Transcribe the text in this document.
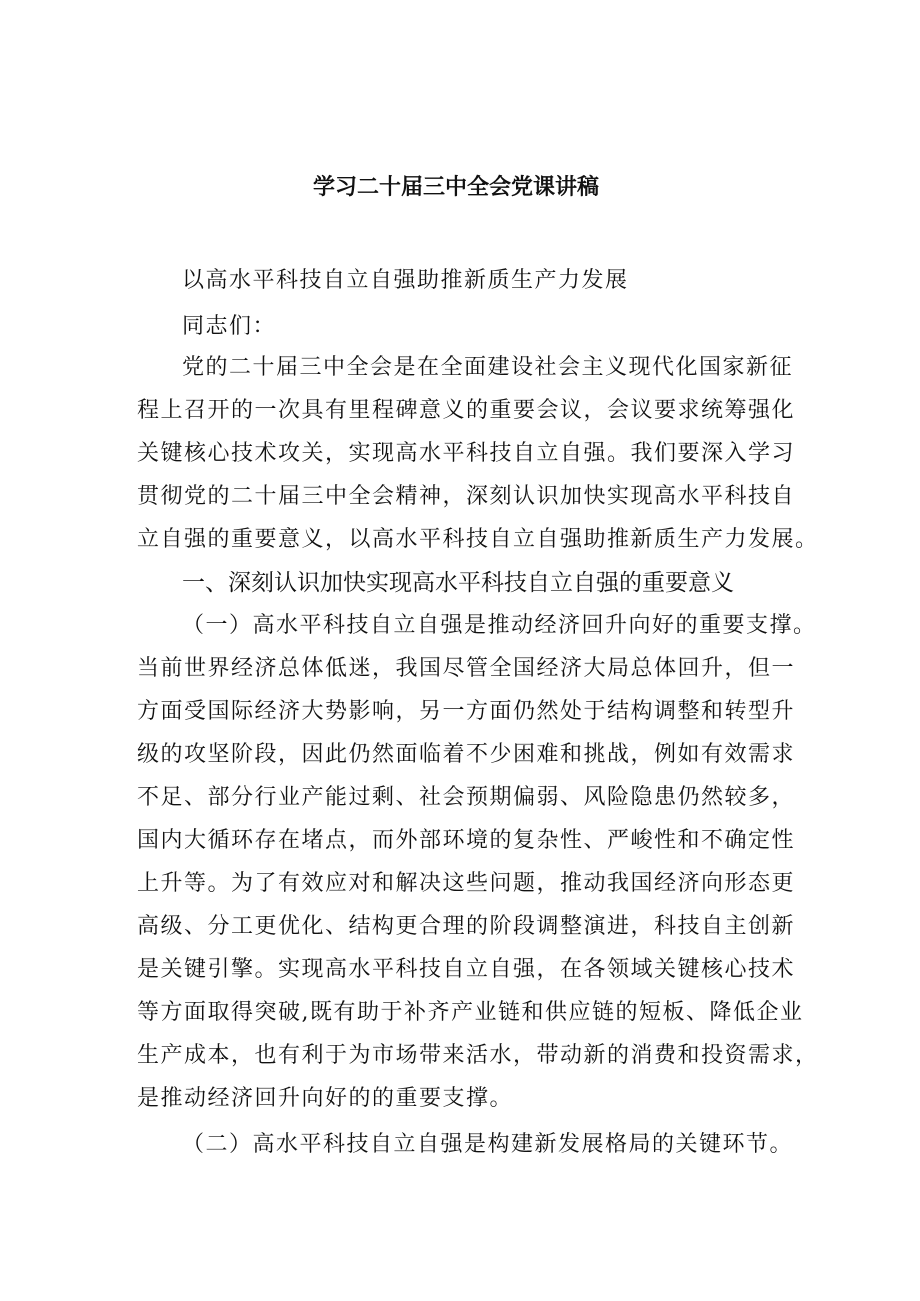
学习二十届三中全会党课讲稿
以高水平科技自立自强助推新质生产力发展
同志们：
党的二十届三中全会是在全面建设社会主义现代化国家新征
程上召开的一次具有里程碑意义的重要会议，会议要求统筹强化
关键核心技术攻关，实现高水平科技自立自强。我们要深入学习
贯彻党的二十届三中全会精神，深刻认识加快实现高水平科技自
立自强的重要意义，以高水平科技自立自强助推新质生产力发展。
一、深刻认识加快实现高水平科技自立自强的重要意义
（一）高水平科技自立自强是推动经济回升向好的重要支撑。
当前世界经济总体低迷，我国尽管全国经济大局总体回升，但一
方面受国际经济大势影响，另一方面仍然处于结构调整和转型升
级的攻坚阶段，因此仍然面临着不少困难和挑战，例如有效需求
不足、部分行业产能过剩、社会预期偏弱、风险隐患仍然较多，
国内大循环存在堵点，而外部环境的复杂性、严峻性和不确定性
上升等。为了有效应对和解决这些问题，推动我国经济向形态更
高级、分工更优化、结构更合理的阶段调整演进，科技自主创新
是关键引擎。实现高水平科技自立自强，在各领域关键核心技术
等方面取得突破,既有助于补齐产业链和供应链的短板、降低企业
生产成本，也有利于为市场带来活水，带动新的消费和投资需求，
是推动经济回升向好的的重要支撑。
（二）高水平科技自立自强是构建新发展格局的关键环节。
